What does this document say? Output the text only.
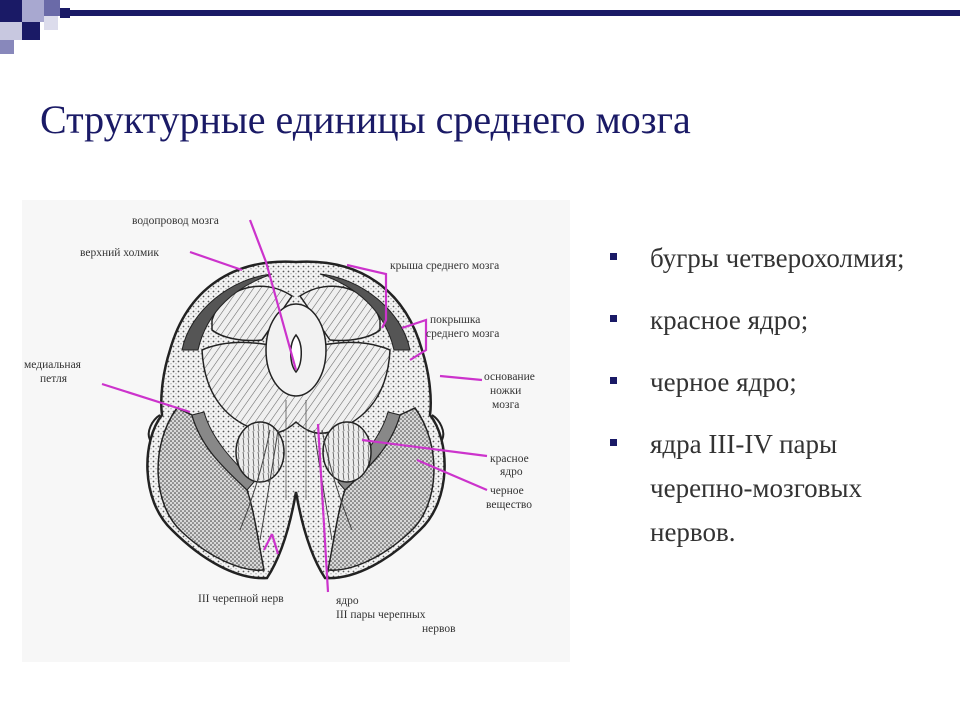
Структурные единицы среднего мозга
водопровод мозга
верхний холмик
крыша среднего мозга
покрышка
среднего мозга
медиальная
петля	основание
ножки
мозга
красное
ядро
черное
вещество
III черепной нерв	ядро
III пары черепных
нервов
бугры четверохолмия;
красное ядро;
черное ядро;
ядра III-IV пары черепно-мозговых нервов.
